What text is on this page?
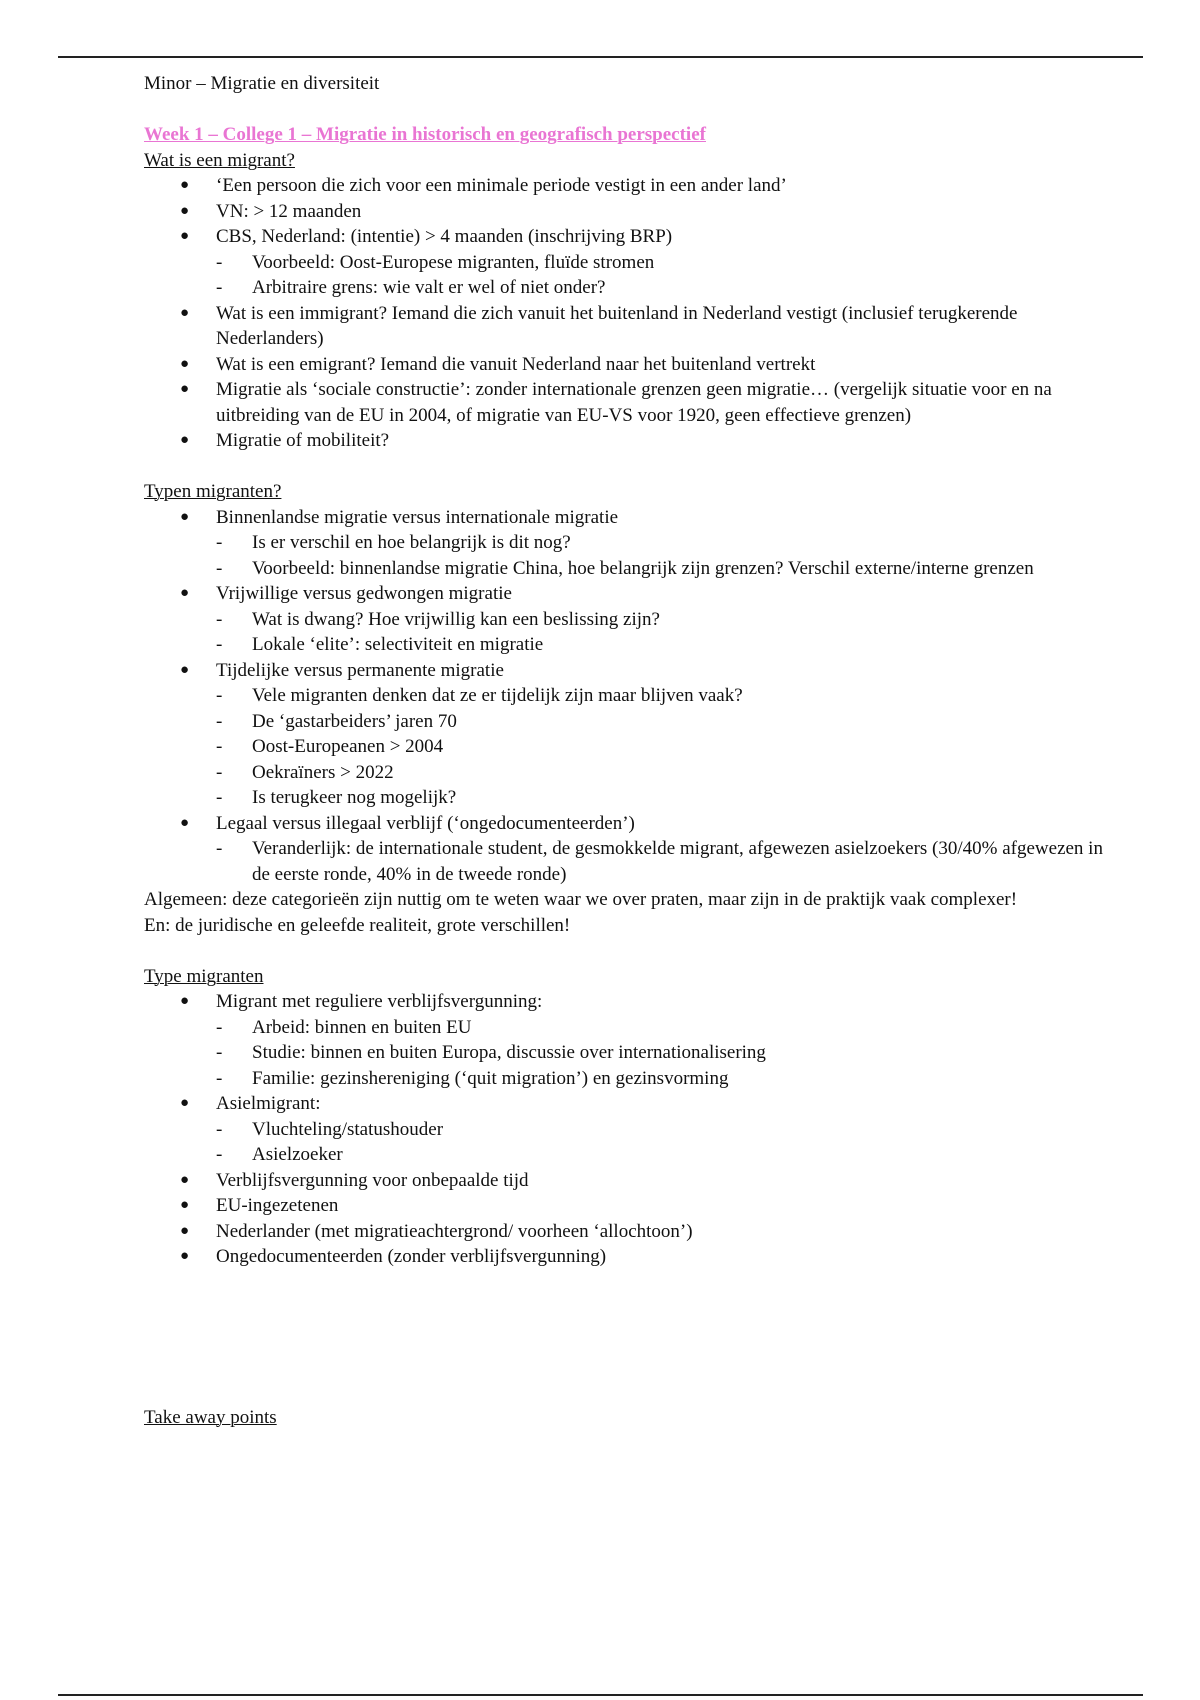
Minor – Migratie en diversiteit
Week 1 – College 1 – Migratie in historisch en geografisch perspectief
Wat is een migrant?
● ‘Een persoon die zich voor een minimale periode vestigt in een ander land’
● VN: > 12 maanden
● CBS, Nederland: (intentie) > 4 maanden (inschrijving BRP)
- Voorbeeld: Oost-Europese migranten, fluïde stromen
- Arbitraire grens: wie valt er wel of niet onder?
● Wat is een immigrant? Iemand die zich vanuit het buitenland in Nederland vestigt (inclusief terugkerende Nederlanders)
● Wat is een emigrant? Iemand die vanuit Nederland naar het buitenland vertrekt
● Migratie als ‘sociale constructie’: zonder internationale grenzen geen migratie… (vergelijk situatie voor en na uitbreiding van de EU in 2004, of migratie van EU-VS voor 1920, geen effectieve grenzen)
● Migratie of mobiliteit?
Typen migranten?
● Binnenlandse migratie versus internationale migratie
- Is er verschil en hoe belangrijk is dit nog?
- Voorbeeld: binnenlandse migratie China, hoe belangrijk zijn grenzen? Verschil externe/interne grenzen
● Vrijwillige versus gedwongen migratie
- Wat is dwang? Hoe vrijwillig kan een beslissing zijn?
- Lokale ‘elite’: selectiviteit en migratie
● Tijdelijke versus permanente migratie
- Vele migranten denken dat ze er tijdelijk zijn maar blijven vaak?
- De ‘gastarbeiders’ jaren 70
- Oost-Europeanen > 2004
- Oekraïners > 2022
- Is terugkeer nog mogelijk?
● Legaal versus illegaal verblijf (‘ongedocumenteerden’)
- Veranderlijk: de internationale student, de gesmokkelde migrant, afgewezen asielzoekers (30/40% afgewezen in de eerste ronde, 40% in de tweede ronde)
Algemeen: deze categorieën zijn nuttig om te weten waar we over praten, maar zijn in de praktijk vaak complexer!
En: de juridische en geleefde realiteit, grote verschillen!
Type migranten
● Migrant met reguliere verblijfsvergunning:
- Arbeid: binnen en buiten EU
- Studie: binnen en buiten Europa, discussie over internationalisering
- Familie: gezinshereniging (‘quit migration’) en gezinsvorming
● Asielmigrant:
- Vluchteling/statushouder
- Asielzoeker
● Verblijfsvergunning voor onbepaalde tijd
● EU-ingezetenen
● Nederlander (met migratieachtergrond/ voorheen ‘allochtoon’)
● Ongedocumenteerden (zonder verblijfsvergunning)
Take away points
